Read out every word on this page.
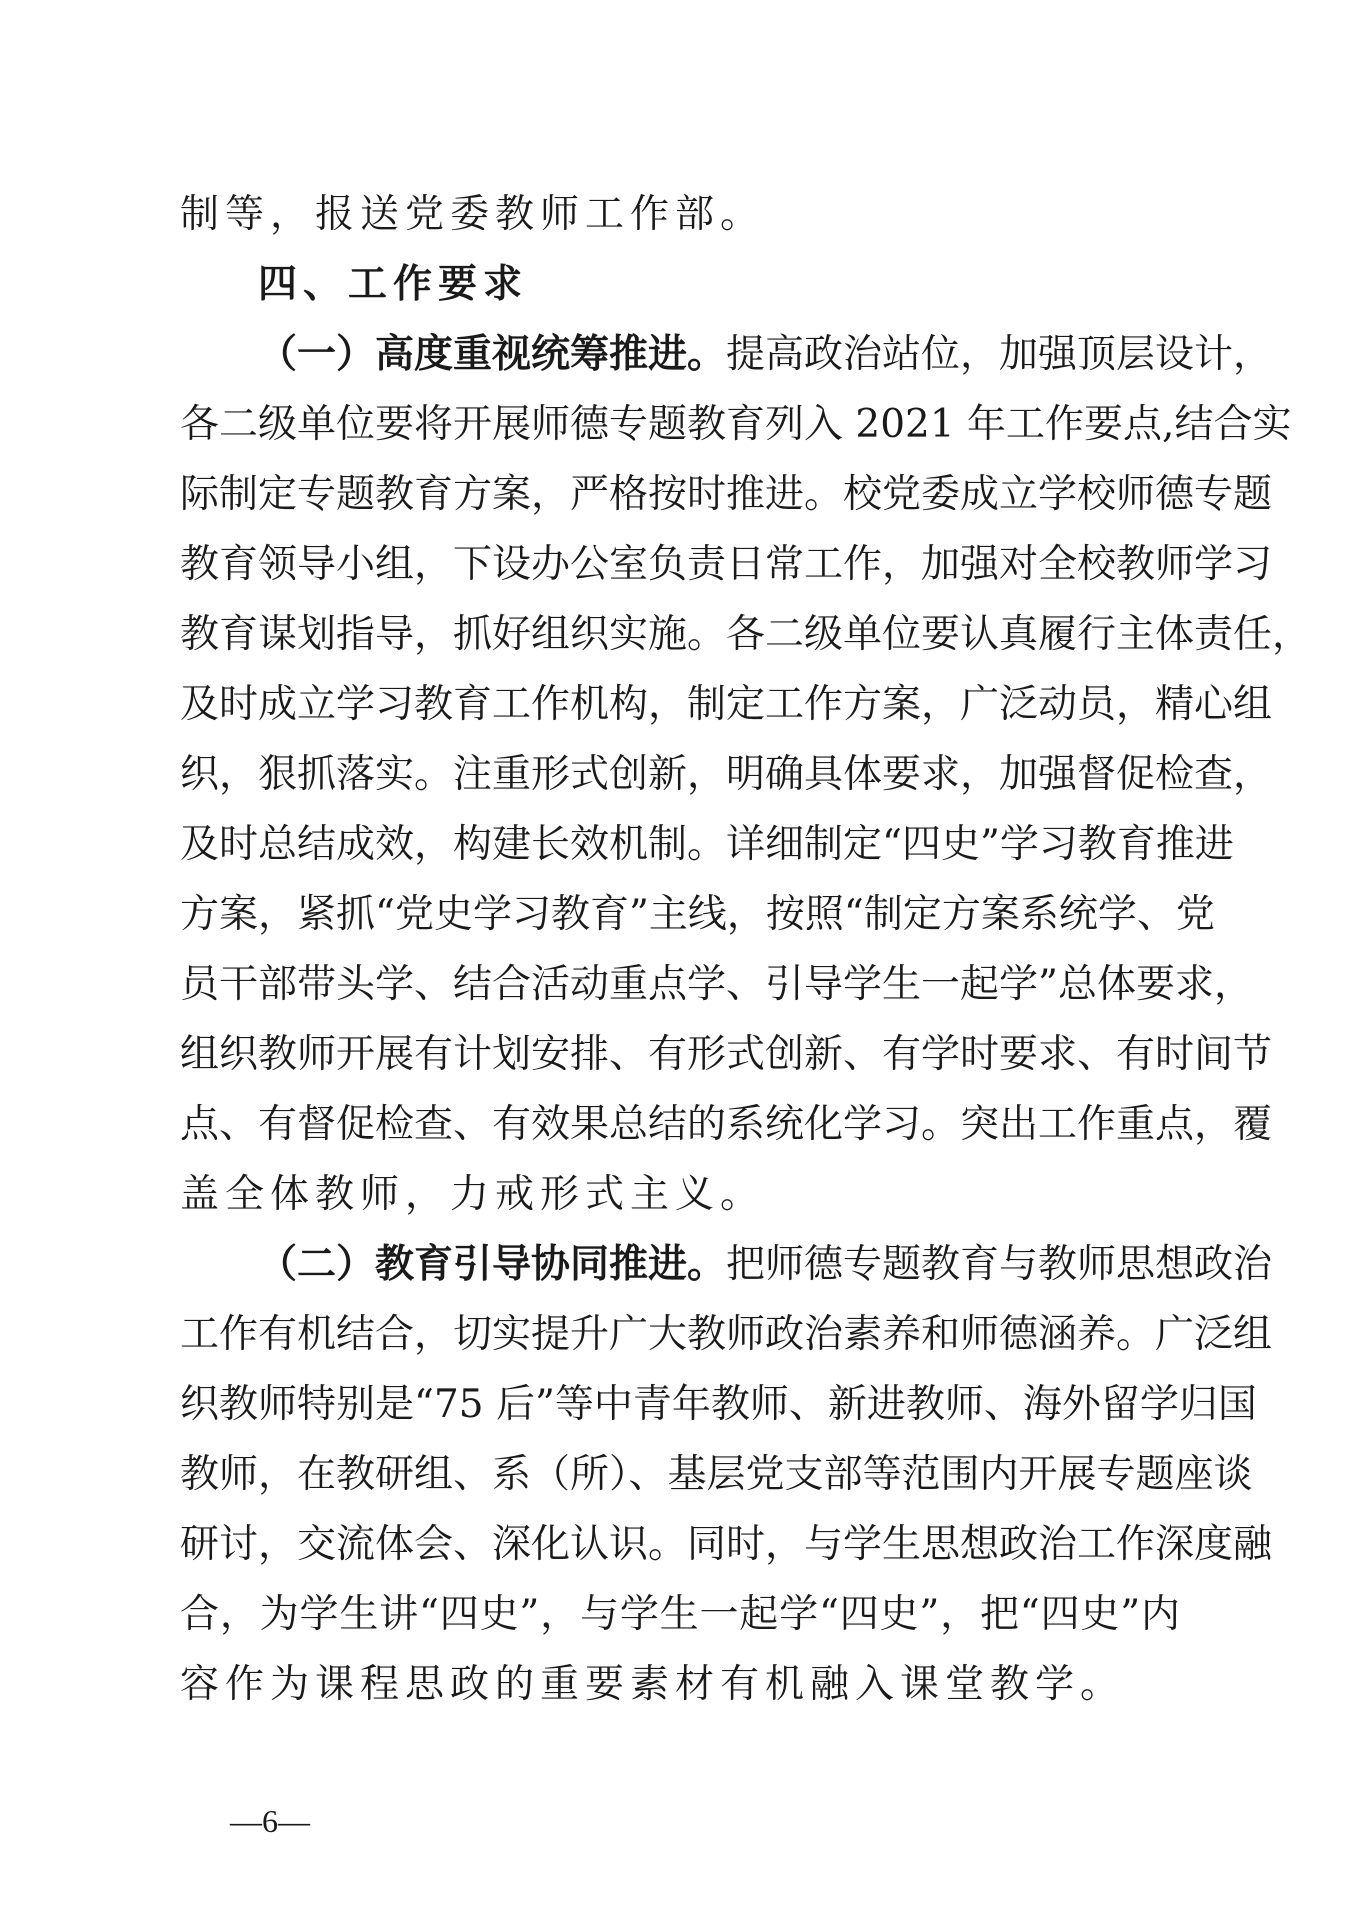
制等，报送党委教师工作部。
四、工作要求
（一）高度重视统筹推进。提高政治站位，加强顶层设计，
各二级单位要将开展师德专题教育列入 2021 年工作要点,结合实
际制定专题教育方案，严格按时推进。校党委成立学校师德专题
教育领导小组，下设办公室负责日常工作，加强对全校教师学习
教育谋划指导，抓好组织实施。各二级单位要认真履行主体责任，
及时成立学习教育工作机构，制定工作方案，广泛动员，精心组
织，狠抓落实。注重形式创新，明确具体要求，加强督促检查，
及时总结成效，构建长效机制。详细制定“四史”学习教育推进
方案，紧抓“党史学习教育”主线，按照“制定方案系统学、党
员干部带头学、结合活动重点学、引导学生一起学”总体要求，
组织教师开展有计划安排、有形式创新、有学时要求、有时间节
点、有督促检查、有效果总结的系统化学习。突出工作重点，覆
盖全体教师，力戒形式主义。
（二）教育引导协同推进。把师德专题教育与教师思想政治
工作有机结合，切实提升广大教师政治素养和师德涵养。广泛组
织教师特别是“75 后”等中青年教师、新进教师、海外留学归国
教师，在教研组、系（所）、基层党支部等范围内开展专题座谈
研讨，交流体会、深化认识。同时，与学生思想政治工作深度融
合，为学生讲“四史”，与学生一起学“四史”，把“四史”内
容作为课程思政的重要素材有机融入课堂教学。
—6—
